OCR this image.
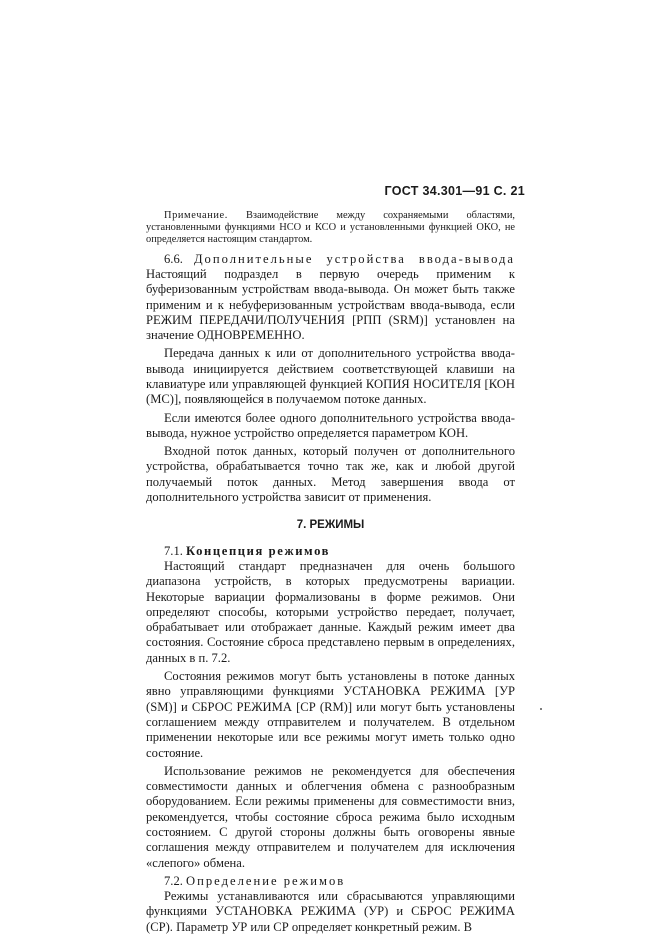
ГОСТ 34.301—91 С. 21
Примечание. Взаимодействие между сохраняемыми областями, установленными функциями НСО и КСО и установленными функцией ОКО, не определяется настоящим стандартом.

6.6. Дополнительные устройства ввода-вывода Настоящий подраздел в первую очередь применим к буферизованным устройствам ввода-вывода. Он может быть также применим и к небуферизованным устройствам ввода-вывода, если РЕЖИМ ПЕРЕДАЧИ/ПОЛУЧЕНИЯ [РПП (SRM)] установлен на значение ОДНОВРЕМЕННО.

Передача данных к или от дополнительного устройства ввода-вывода инициируется действием соответствующей клавиши на клавиатуре или управляющей функцией КОПИЯ НОСИТЕЛЯ [КОН (МС)], появляющейся в получаемом потоке данных.

Если имеются более одного дополнительного устройства ввода-вывода, нужное устройство определяется параметром КОН.

Входной поток данных, который получен от дополнительного устройства, обрабатывается точно так же, как и любой другой получаемый поток данных. Метод завершения ввода от дополнительного устройства зависит от применения.

7. РЕЖИМЫ

7.1. Концепция режимов

Настоящий стандарт предназначен для очень большого диапазона устройств, в которых предусмотрены вариации. Некоторые вариации формализованы в форме режимов. Они определяют способы, которыми устройство передает, получает, обрабатывает или отображает данные. Каждый режим имеет два состояния. Состояние сброса представлено первым в определениях, данных в п. 7.2.

Состояния режимов могут быть установлены в потоке данных явно управляющими функциями УСТАНОВКА РЕЖИМА [УР (SM)] и СБРОС РЕЖИМА [СР (RM)] или могут быть установлены соглашением между отправителем и получателем. В отдельном применении некоторые или все режимы могут иметь только одно состояние.

Использование режимов не рекомендуется для обеспечения совместимости данных и облегчения обмена с разнообразным оборудованием. Если режимы применены для совместимости вниз, рекомендуется, чтобы состояние сброса режима было исходным состоянием. С другой стороны должны быть оговорены явные соглашения между отправителем и получателем для исключения «слепого» обмена.

7.2. Определение режимов

Режимы устанавливаются или сбрасываются управляющими функциями УСТАНОВКА РЕЖИМА (УР) и СБРОС РЕЖИМА (СР). Параметр УР или СР определяет конкретный режим. В
